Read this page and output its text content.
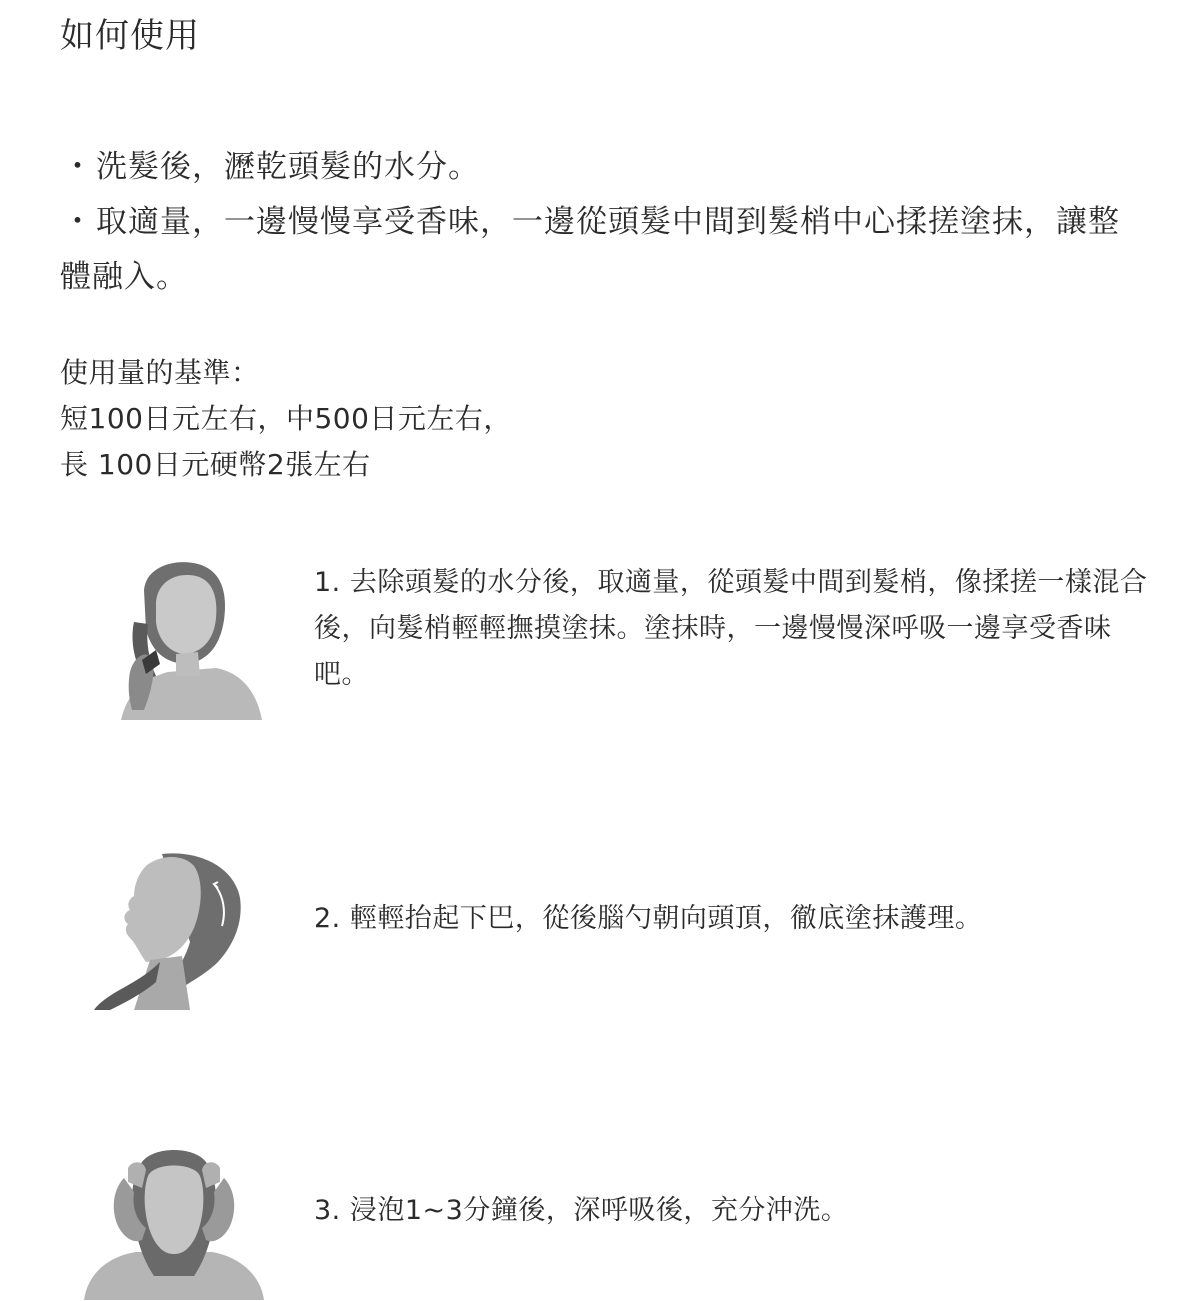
如何使用

・洗髮後，瀝乾頭髮的水分。

・取適量，一邊慢慢享受香味，一邊從頭髮中間到髮梢中心揉搓塗抹，讓整體融入。

使用量的基準：

短100日元左右，中500日元左右，

長 100日元硬幣2張左右

1. 去除頭髮的水分後，取適量，從頭髮中間到髮梢，像揉搓一樣混合後，向髮梢輕輕撫摸塗抹。塗抹時，一邊慢慢深呼吸一邊享受香味吧。
2. 輕輕抬起下巴，從後腦勺朝向頭頂，徹底塗抹護理。
3. 浸泡1~3分鐘後，深呼吸後，充分沖洗。
